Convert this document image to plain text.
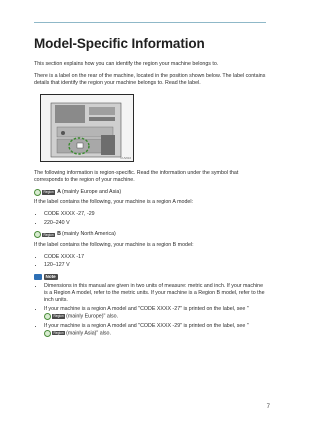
Model-Specific Information

This section explains how you can identify the region your machine belongs to.

There is a label on the rear of the machine, located in the position shown below. The label contains details that identify the region your machine belongs to. Read the label.

CUV016

The following information is region-specific. Read the information under the symbol that corresponds to the region of your machine.

Region A (mainly Europe and Asia)

If the label contains the following, your machine is a region A model:

• CODE XXXX -27, -29
• 220–240 V
Region B (mainly North America)

If the label contains the following, your machine is a region B model:

• CODE XXXX -17
• 120–127 V
Note
• Dimensions in this manual are given in two units of measure: metric and inch. If your machine is a Region A model, refer to the metric units. If your machine is a Region B model, refer to the inch units.
• If your machine is a region A model and "CODE XXXX -27" is printed on the label, see "
Region (mainly Europe)" also.
• If your machine is a region A model and "CODE XXXX -29" is printed on the label, see "
Region (mainly Asia)" also.
7
